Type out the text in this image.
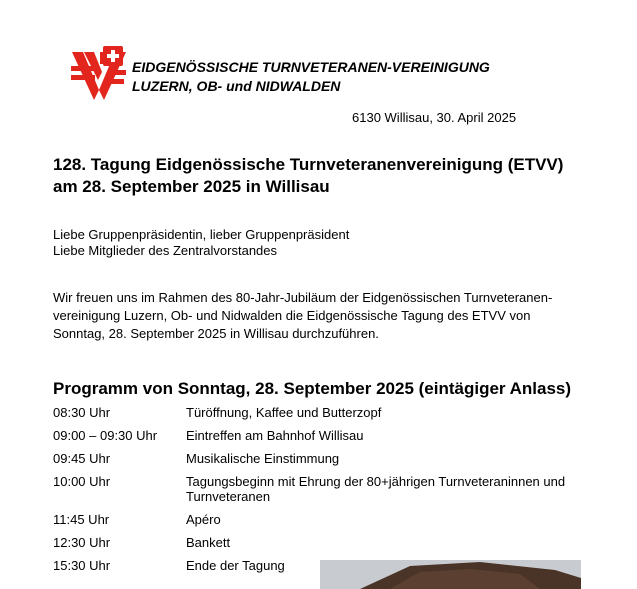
ETVV
EIDGENÖSSISCHE TURNVETERANEN-VEREINIGUNG
LUZERN, OB- und NIDWALDEN
6130 Willisau, 30. April 2025
128. Tagung Eidgenössische Turnveteranenvereinigung (ETVV)
am 28. September 2025 in Willisau
Liebe Gruppenpräsidentin, lieber Gruppenpräsident
Liebe Mitglieder des Zentralvorstandes

Wir freuen uns im Rahmen des 80-Jahr-Jubiläum der Eidgenössischen Turnveteranen-vereinigung Luzern, Ob- und Nidwalden die Eidgenössische Tagung des ETVV von Sonntag, 28. September 2025 in Willisau durchzuführen.

Programm von Sonntag, 28. September 2025 (eintägiger Anlass)
08:30 Uhr	Türöffnung, Kaffee und Butterzopf
09:00 – 09:30 Uhr	Eintreffen am Bahnhof Willisau
09:45 Uhr	Musikalische Einstimmung
10:00 Uhr	Tagungsbeginn mit Ehrung der 80+jährigen Turnveteraninnen und Turnveteranen
11:45 Uhr	Apéro
12:30 Uhr	Bankett
15:30 Uhr	Ende der Tagung
